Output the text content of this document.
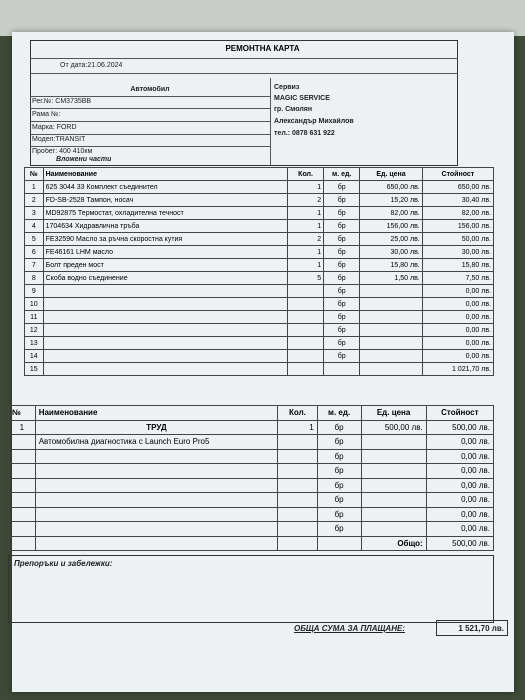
РЕМОНТНА КАРТА
От дата:21.06.2024
Автомобил
Рег.№: CM3735BB
Рама №:
Марка: FORD
Модел:TRANSIT
Пробег: 400 410км
Сервиз
MAGIC SERVICE
гр. Смолян
Александър Михайлов
тел.: 0878 631 922
Вложени части
№	Наименование	Кол.	м. ед.	Ед. цена	Стойност
1	625 3044 33 Комплект съединител	1	бр	650,00 лв.	650,00 лв.
2	FD-SB-2528 Тампон, носач	2	бр	15,20 лв.	30,40 лв.
3	MD92875 Термостат, охладителна течност	1	бр	82,00 лв.	82,00 лв.
4	1704634 Хидравлична тръба	1	бр	156,00 лв.	156,00 лв.
5	FE32590 Масло за ръчна скоростна кутия	2	бр	25,00 лв.	50,00 лв.
6	FE46161 LHM масло	1	бр	30,00 лв.	30,00 лв.
7	Болт преден мост	1	бр	15,80 лв.	15,80 лв.
8	Скоба водно съединение	5	бр	1,50 лв.	7,50 лв.
9			бр		0,00 лв.
10			бр		0,00 лв.
11			бр		0,00 лв.
12			бр		0,00 лв.
13			бр		0,00 лв.
14			бр		0,00 лв.
15					1 021,70 лв.
№	Наименование	Кол.	м. ед.	Ед. цена	Стойност
1	ТРУД	1	бр	500,00 лв.	500,00 лв.
	Автомобилна диагностика с Launch Euro Pro5		бр		0,00 лв.
			бр		0,00 лв.
			бр		0,00 лв.
			бр		0,00 лв.
			бр		0,00 лв.
			бр		0,00 лв.
			бр		0,00 лв.
				Общо:	500,00 лв.
Препоръки и забележки:
ОБЩА СУМА ЗА ПЛАЩАНЕ:	1 521,70 лв.
